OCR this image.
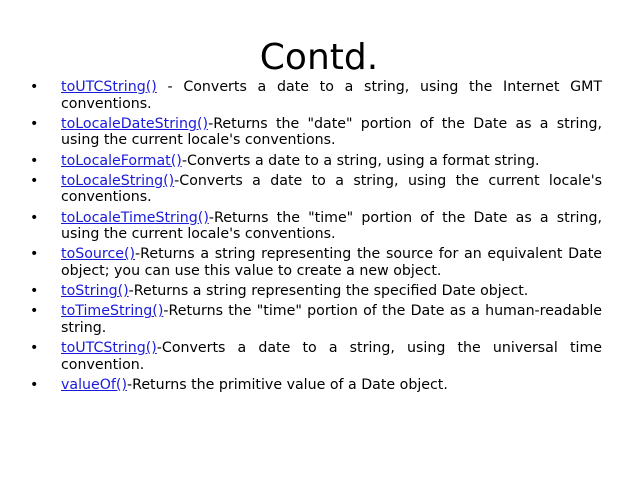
Contd.
• toUTCString() - Converts a date to a string, using the Internet GMT conventions.
• toLocaleDateString()-Returns the "date" portion of the Date as a string, using the current locale's conventions.
• toLocaleFormat()-Converts a date to a string, using a format string.
• toLocaleString()-Converts a date to a string, using the current locale's conventions.
• toLocaleTimeString()-Returns the "time" portion of the Date as a string, using the current locale's conventions.
• toSource()-Returns a string representing the source for an equivalent Date object; you can use this value to create a new object.
• toString()-Returns a string representing the specified Date object.
• toTimeString()-Returns the "time" portion of the Date as a human-readable string.
• toUTCString()-Converts a date to a string, using the universal time convention.
• valueOf()-Returns the primitive value of a Date object.
